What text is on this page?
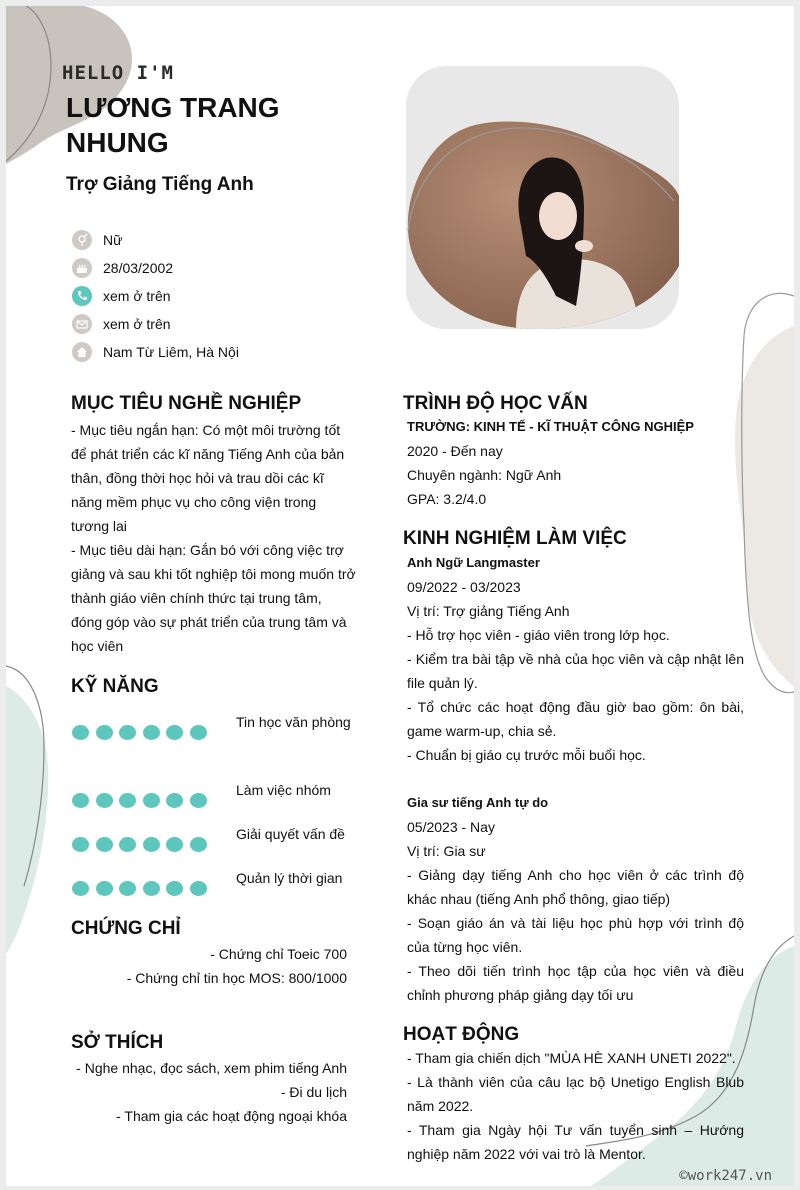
HELLO I'M
LƯƠNG TRANG NHUNG
Trợ Giảng Tiếng Anh
Nữ
28/03/2002
xem ở trên
xem ở trên
Nam Từ Liêm, Hà Nội
MỤC TIÊU NGHỀ NGHIỆP
- Mục tiêu ngắn hạn: Có một môi trường tốt để phát triển các kĩ năng Tiếng Anh của bản thân, đồng thời học hỏi và trau dồi các kĩ năng mềm phục vụ cho công viện trong tương lai
- Mục tiêu dài hạn: Gắn bó với công việc trợ giảng và sau khi tốt nghiệp tôi mong muốn trở thành giáo viên chính thức tại trung tâm, đóng góp vào sự phát triển của trung tâm và học viên
KỸ NĂNG
Tin học văn phòng
Làm việc nhóm
Giải quyết vấn đề
Quản lý thời gian
CHỨNG CHỈ
- Chứng chỉ Toeic 700
- Chứng chỉ tin học MOS: 800/1000
SỞ THÍCH
- Nghe nhạc, đọc sách, xem phim tiếng Anh
- Đi du lịch
- Tham gia các hoạt động ngoại khóa
TRÌNH ĐỘ HỌC VẤN
TRƯỜNG: KINH TẾ - KĨ THUẬT CÔNG NGHIỆP
2020 - Đến nay
Chuyên ngành: Ngữ Anh
GPA: 3.2/4.0
KINH NGHIỆM LÀM VIỆC
Anh Ngữ Langmaster
09/2022 - 03/2023
Vị trí: Trợ giảng Tiếng Anh
- Hỗ trợ học viên - giáo viên trong lớp học.
- Kiểm tra bài tập về nhà của học viên và cập nhật lên file quản lý.
- Tổ chức các hoạt động đầu giờ bao gồm: ôn bài, game warm-up, chia sẻ.
- Chuẩn bị giáo cụ trước mỗi buổi học.
Gia sư tiếng Anh tự do
05/2023 - Nay
Vị trí: Gia sư
- Giảng dạy tiếng Anh cho học viên ở các trình độ khác nhau (tiếng Anh phổ thông, giao tiếp)
- Soạn giáo án và tài liệu học phù hợp với trình độ của từng học viên.
- Theo dõi tiến trình học tập của học viên và điều chỉnh phương pháp giảng dạy tối ưu
HOẠT ĐỘNG
- Tham gia chiến dịch "MÙA HÈ XANH UNETI 2022".
- Là thành viên của câu lạc bộ Unetigo English Blub năm 2022.
- Tham gia Ngày hội Tư vấn tuyển sinh – Hướng nghiệp năm 2022 với vai trò là Mentor.
©work247.vn
